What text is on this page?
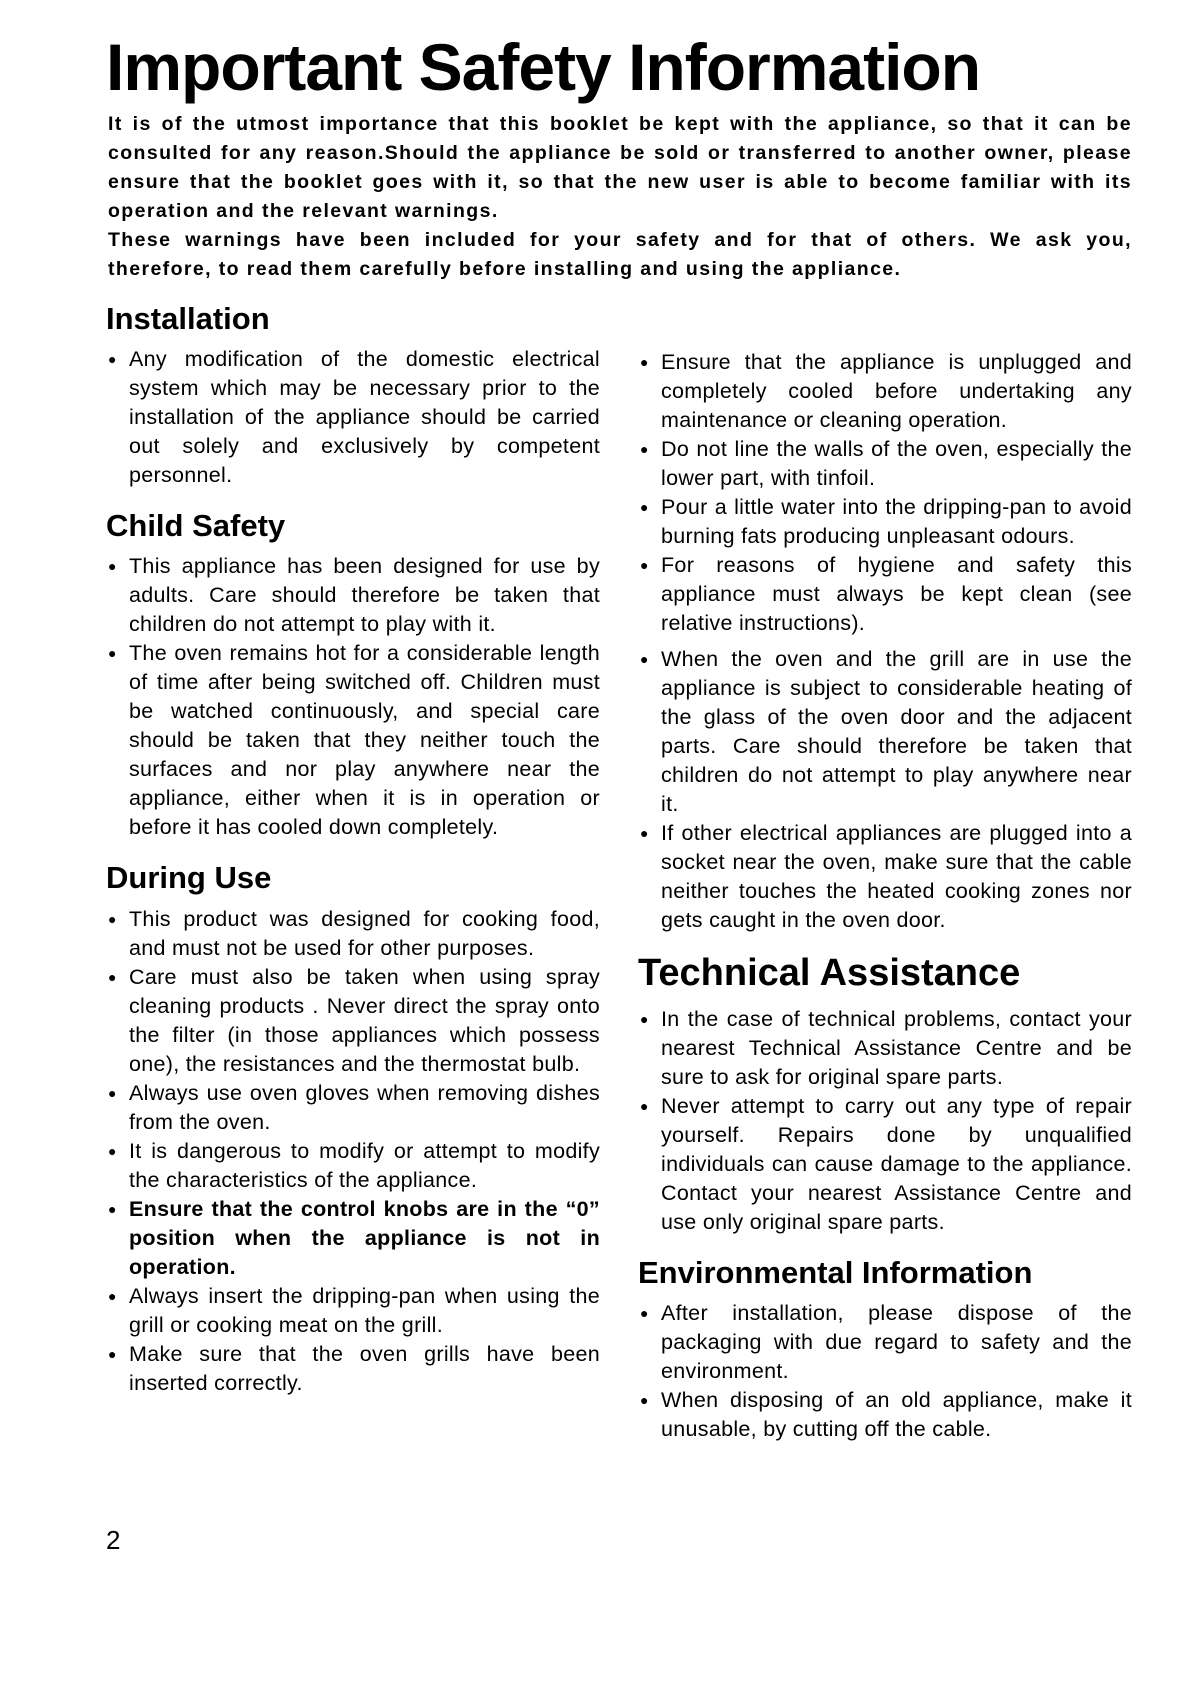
Important Safety Information

It is of the utmost importance that this booklet be kept with the appliance, so that it can be consulted for any reason.Should the appliance be sold or transferred to another owner, please ensure that the booklet goes with it, so that the new user is able to become familiar with its operation and the relevant warnings.

These warnings have been included for your safety and for that of others. We ask you, therefore, to read them carefully before installing and using the appliance.

Installation
● Any modification of the domestic electrical system which may be necessary prior to the installation of the appliance should be carried out solely and exclusively by competent personnel.
Child Safety
● This appliance has been designed for use by adults. Care should therefore be taken that children do not attempt to play with it.
● The oven remains hot for a considerable length of time after being switched off. Children must be watched continuously, and special care should be taken that they neither touch the surfaces and nor play anywhere near the appliance, either when it is in operation or before it has cooled down completely.
During Use
● This product was designed for cooking food, and must not be used for other purposes.
● Care must also be taken when using spray cleaning products . Never direct the spray onto the filter (in those appliances which possess one), the resistances and the thermostat bulb.
● Always use oven gloves when removing dishes from the oven.
● It is dangerous to modify or attempt to modify the characteristics of the appliance.
● Ensure that the control knobs are in the “0” position when the appliance is not in operation.
● Always insert the dripping-pan when using the grill or cooking meat on the grill.
● Make sure that the oven grills have been inserted correctly.
● Ensure that the appliance is unplugged and completely cooled before undertaking any maintenance or cleaning operation.
● Do not line the walls of the oven, especially the lower part, with tinfoil.
● Pour a little water into the dripping-pan to avoid burning fats producing unpleasant odours.
● For reasons of hygiene and safety this appliance must always be kept clean (see relative instructions).
● When the oven and the grill are in use the appliance is subject to considerable heating of the glass of the oven door and the adjacent parts. Care should therefore be taken that children do not attempt to play anywhere near it.
● If other electrical appliances are plugged into a socket near the oven, make sure that the cable neither touches the heated cooking zones nor gets caught in the oven door.
Technical Assistance
● In the case of technical problems, contact your nearest Technical Assistance Centre and be sure to ask for original spare parts.
● Never attempt to carry out any type of repair yourself. Repairs done by unqualified individuals can cause damage to the appliance. Contact your nearest Assistance Centre and use only original spare parts.
Environmental Information
● After installation, please dispose of the packaging with due regard to safety and the environment.
● When disposing of an old appliance, make it unusable, by cutting off the cable.
2
